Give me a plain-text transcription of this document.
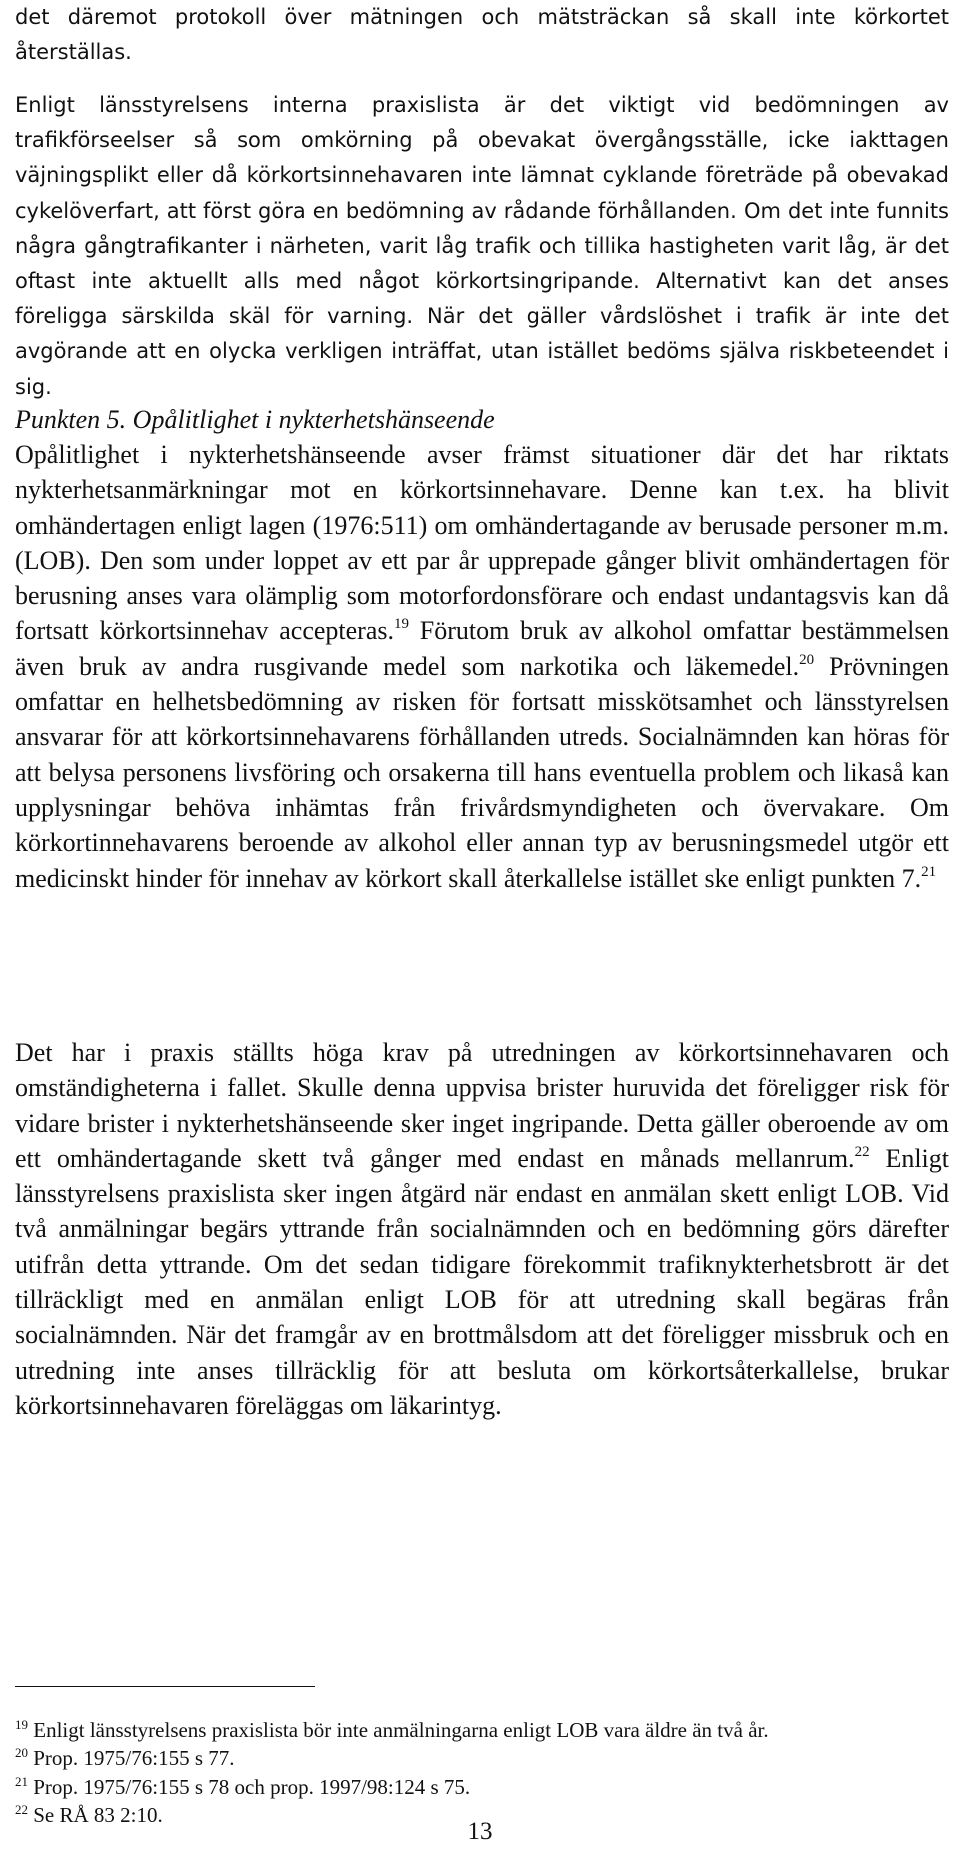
det däremot protokoll över mätningen och mätsträckan så skall inte körkortet återställas.

Enligt länsstyrelsens interna praxislista är det viktigt vid bedömningen av trafikförseelser så som omkörning på obevakat övergångsställe, icke iakttagen väjningsplikt eller då körkortsinnehavaren inte lämnat cyklande företräde på obevakad cykelöverfart, att först göra en bedömning av rådande förhållanden. Om det inte funnits några gångtrafikanter i närheten, varit låg trafik och tillika hastigheten varit låg, är det oftast inte aktuellt alls med något körkortsingripande. Alternativt kan det anses föreligga särskilda skäl för varning. När det gäller vårdslöshet i trafik är inte det avgörande att en olycka verkligen inträffat, utan istället bedöms själva riskbeteendet i sig.

Punkten 5. Opålitlighet i nykterhetshänseende

Opålitlighet i nykterhetshänseende avser främst situationer där det har riktats nykterhetsanmärkningar mot en körkortsinnehavare. Denne kan t.ex. ha blivit omhändertagen enligt lagen (1976:511) om omhändertagande av berusade personer m.m. (LOB). Den som under loppet av ett par år upprepade gånger blivit omhändertagen för berusning anses vara olämplig som motorfordonsförare och endast undantagsvis kan då fortsatt körkortsinnehav accepteras.$^{19}$ Förutom bruk av alkohol omfattar bestämmelsen även bruk av andra rusgivande medel som narkotika och läkemedel.$^{20}$ Prövningen omfattar en helhetsbedömning av risken för fortsatt misskötsamhet och länsstyrelsen ansvarar för att körkortsinnehavarens förhållanden utreds. Socialnämnden kan höras för att belysa personens livsföring och orsakerna till hans eventuella problem och likaså kan upplysningar behöva inhämtas från frivårdsmyndigheten och övervakare. Om körkortinnehavarens beroende av alkohol eller annan typ av berusningsmedel utgör ett medicinskt hinder för innehav av körkort skall återkallelse istället ske enligt punkten 7.21

Det har i praxis ställts höga krav på utredningen av körkortsinnehavaren och omständigheterna i fallet. Skulle denna uppvisa brister huruvida det föreligger risk för vidare brister i nykterhetshänseende sker inget ingripande. Detta gäller oberoende av om ett omhändertagande skett två gånger med endast en månads mellanrum.$^{22}$ Enligt länsstyrelsens praxislista sker ingen åtgärd när endast en anmälan skett enligt LOB. Vid två anmälningar begärs yttrande från socialnämnden och en bedömning görs därefter utifrån detta yttrande. Om det sedan tidigare förekommit trafiknykterhetsbrott är det tillräckligt med en anmälan enligt LOB för att utredning skall begäras från socialnämnden. När det framgår av en brottmålsdom att det föreligger missbruk och en utredning inte anses tillräcklig för att besluta om körkortsåterkallelse, brukar körkortsinnehavaren föreläggas om läkarintyg.

$^{19}$ Enligt länsstyrelsens praxislista bör inte anmälningarna enligt LOB vara äldre än två år.

$^{20}$ Prop. 1975/76:155 s 77.

$^{21}$ Prop. 1975/76:155 s 78 och prop. 1997/98:124 s 75.

$^{22}$ Se RÅ 83 2:10.

13
